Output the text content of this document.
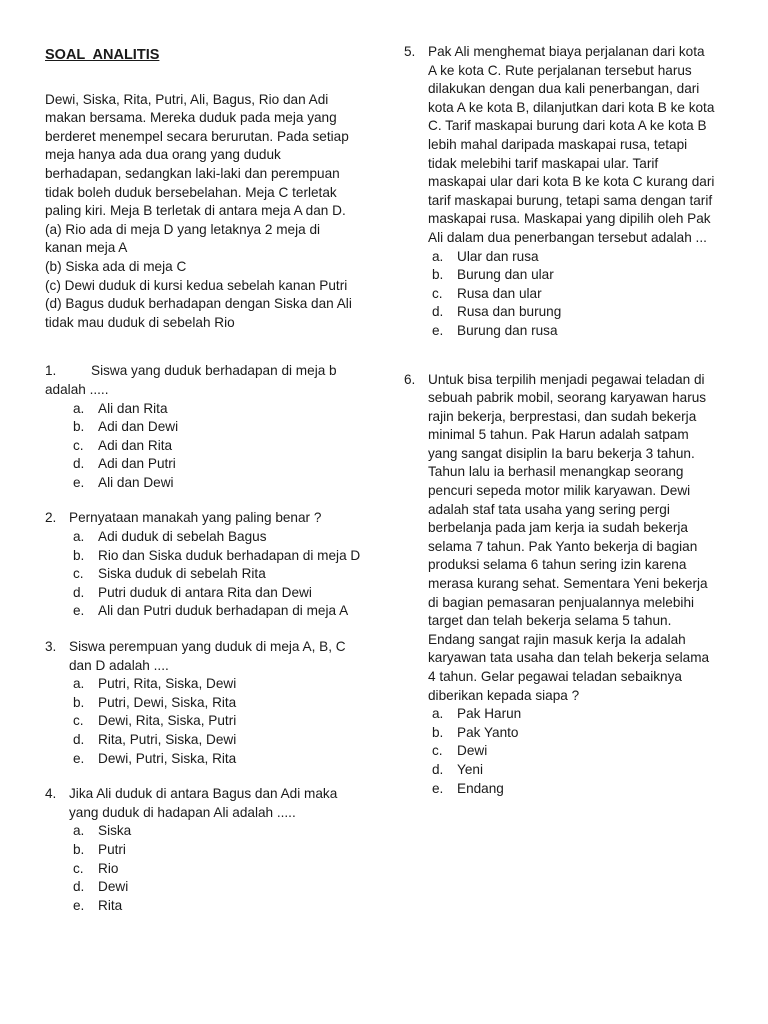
SOAL  ANALITIS
Dewi, Siska, Rita, Putri, Ali, Bagus, Rio dan Adi
makan bersama. Mereka duduk pada meja yang
berderet menempel secara berurutan. Pada setiap
meja hanya ada dua orang yang duduk
berhadapan, sedangkan laki-laki dan perempuan
tidak boleh duduk bersebelahan. Meja C terletak
paling kiri. Meja B terletak di antara meja A dan D.
(a) Rio ada di meja D yang letaknya 2 meja di
kanan meja A
(b) Siska ada di meja C
(c) Dewi duduk di kursi kedua sebelah kanan Putri
(d) Bagus duduk berhadapan dengan Siska dan Ali
tidak mau duduk di sebelah Rio
1.	Siswa yang duduk berhadapan di meja b
adalah .....
a.	Ali dan Rita
b.	Adi dan Dewi
c.	Adi dan Rita
d.	Adi dan Putri
e.	Ali dan Dewi
2. Pernyataan manakah yang paling benar ?
a.	Adi duduk di sebelah Bagus
b.	Rio dan Siska duduk berhadapan di meja D
c.	Siska duduk di sebelah Rita
d.	Putri duduk di antara Rita dan Dewi
e.	Ali dan Putri duduk berhadapan di meja A
3. Siswa perempuan yang duduk di meja A, B, C
dan D adalah ....
a.	Putri, Rita, Siska, Dewi
b.	Putri, Dewi, Siska, Rita
c.	Dewi, Rita, Siska, Putri
d.	Rita, Putri, Siska, Dewi
e.	Dewi, Putri, Siska, Rita
4. Jika Ali duduk di antara Bagus dan Adi maka
yang duduk di hadapan Ali adalah .....
a.	Siska
b.	Putri
c.	Rio
d.	Dewi
e.	Rita
5. Pak Ali menghemat biaya perjalanan dari kota
A ke kota C. Rute perjalanan tersebut harus
dilakukan dengan dua kali penerbangan, dari
kota A ke kota B, dilanjutkan dari kota B ke kota
C. Tarif maskapai burung dari kota A ke kota B
lebih mahal daripada maskapai rusa, tetapi
tidak melebihi tarif maskapai ular. Tarif
maskapai ular dari kota B ke kota C kurang dari
tarif maskapai burung, tetapi sama dengan tarif
maskapai rusa. Maskapai yang dipilih oleh Pak
Ali dalam dua penerbangan tersebut adalah ...
a.	Ular dan rusa
b.	Burung dan ular
c.	Rusa dan ular
d.	Rusa dan burung
e.	Burung dan rusa
6. Untuk bisa terpilih menjadi pegawai teladan di
sebuah pabrik mobil, seorang karyawan harus
rajin bekerja, berprestasi, dan sudah bekerja
minimal 5 tahun. Pak Harun adalah satpam
yang sangat disiplin Ia baru bekerja 3 tahun.
Tahun lalu ia berhasil menangkap seorang
pencuri sepeda motor milik karyawan. Dewi
adalah staf tata usaha yang sering pergi
berbelanja pada jam kerja ia sudah bekerja
selama 7 tahun. Pak Yanto bekerja di bagian
produksi selama 6 tahun sering izin karena
merasa kurang sehat. Sementara Yeni bekerja
di bagian pemasaran penjualannya melebihi
target dan telah bekerja selama 5 tahun.
Endang sangat rajin masuk kerja Ia adalah
karyawan tata usaha dan telah bekerja selama
4 tahun. Gelar pegawai teladan sebaiknya
diberikan kepada siapa ?
a.	Pak Harun
b.	Pak Yanto
c.	Dewi
d.	Yeni
e.	Endang
